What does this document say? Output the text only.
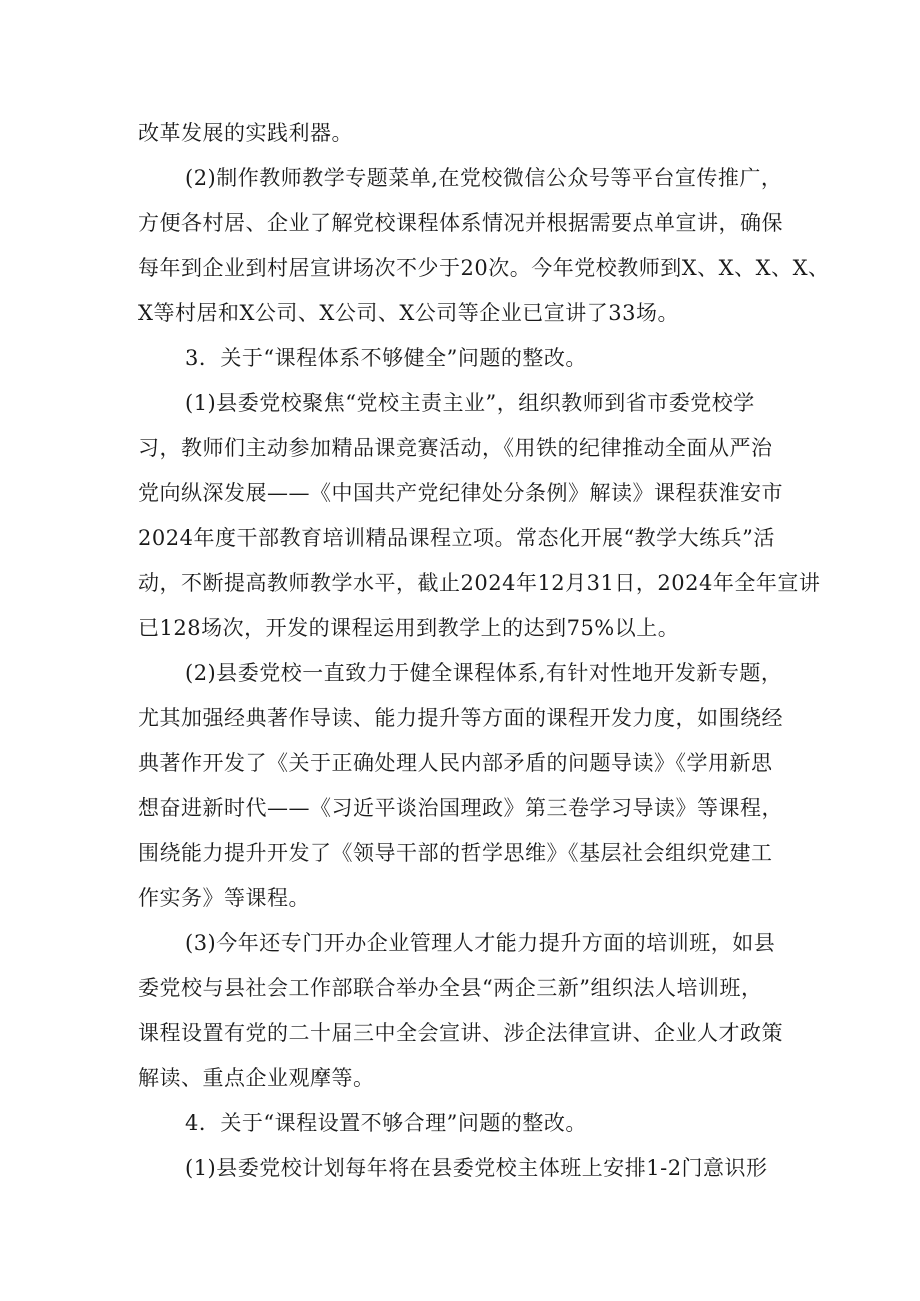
改革发展的实践利器。
(2)制作教师教学专题菜单,在党校微信公众号等平台宣传推广，
方便各村居、企业了解党校课程体系情况并根据需要点单宣讲，确保
每年到企业到村居宣讲场次不少于20次。今年党校教师到X、X、X、X、
X等村居和X公司、X公司、X公司等企业已宣讲了33场。
3．关于“课程体系不够健全”问题的整改。
(1)县委党校聚焦“党校主责主业”，组织教师到省市委党校学
习，教师们主动参加精品课竞赛活动，《用铁的纪律推动全面从严治
党向纵深发展——《中国共产党纪律处分条例》解读》课程获淮安市
2024年度干部教育培训精品课程立项。常态化开展“教学大练兵”活
动，不断提高教师教学水平，截止2024年12月31日，2024年全年宣讲
已128场次，开发的课程运用到教学上的达到75%以上。
(2)县委党校一直致力于健全课程体系,有针对性地开发新专题，
尤其加强经典著作导读、能力提升等方面的课程开发力度，如围绕经
典著作开发了《关于正确处理人民内部矛盾的问题导读》《学用新思
想奋进新时代——《习近平谈治国理政》第三卷学习导读》等课程，
围绕能力提升开发了《领导干部的哲学思维》《基层社会组织党建工
作实务》等课程。
(3)今年还专门开办企业管理人才能力提升方面的培训班，如县
委党校与县社会工作部联合举办全县“两企三新”组织法人培训班，
课程设置有党的二十届三中全会宣讲、涉企法律宣讲、企业人才政策
解读、重点企业观摩等。
4．关于“课程设置不够合理”问题的整改。
(1)县委党校计划每年将在县委党校主体班上安排1-2门意识形
